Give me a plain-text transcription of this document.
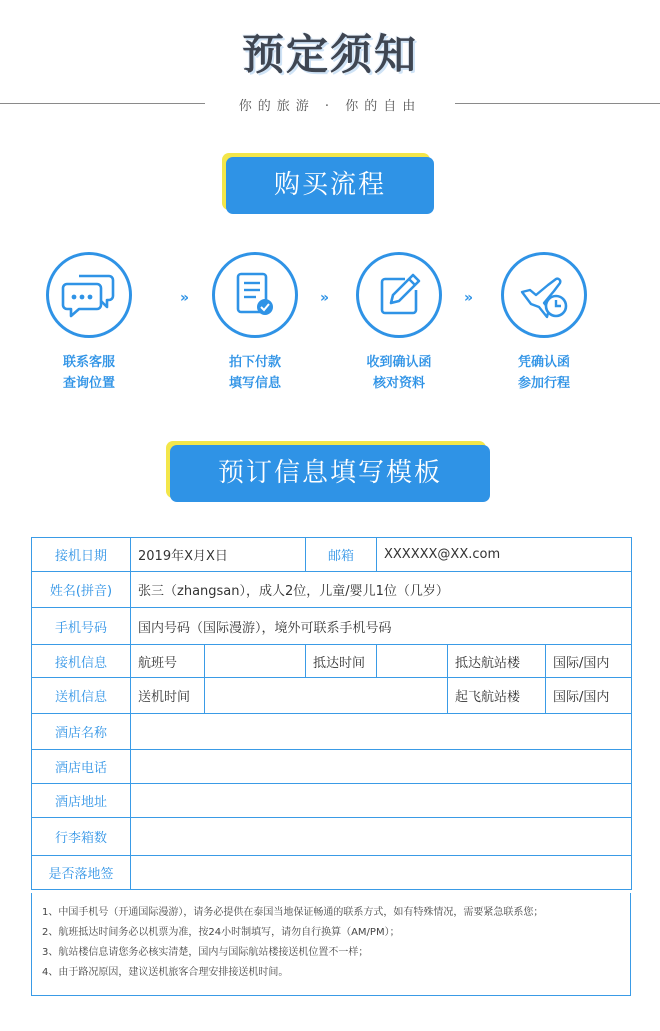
预定须知
你的旅游 · 你的自由
购买流程
联系客服
查询位置
»
拍下付款
填写信息
»
收到确认函
核对资料
»
凭确认函
参加行程
预订信息填写模板
接机日期	2019年X月X日		邮箱	XXXXXX@XX.com		
姓名(拼音)	张三（zhangsan），成人2位，儿童/婴儿1位（几岁）					
手机号码	国内号码（国际漫游），境外可联系手机号码					
接机信息	航班号		抵达时间		抵达航站楼	国际/国内
送机信息	送机时间				起飞航站楼	国际/国内
酒店名称						
酒店电话						
酒店地址						
行李箱数						
是否落地签						
1、中国手机号（开通国际漫游），请务必提供在泰国当地保证畅通的联系方式，如有特殊情况，需要紧急联系您；
2、航班抵达时间务必以机票为准，按24小时制填写，请勿自行换算（AM/PM）；
3、航站楼信息请您务必核实清楚，国内与国际航站楼接送机位置不一样；
4、由于路况原因，建议送机旅客合理安排接送机时间。
